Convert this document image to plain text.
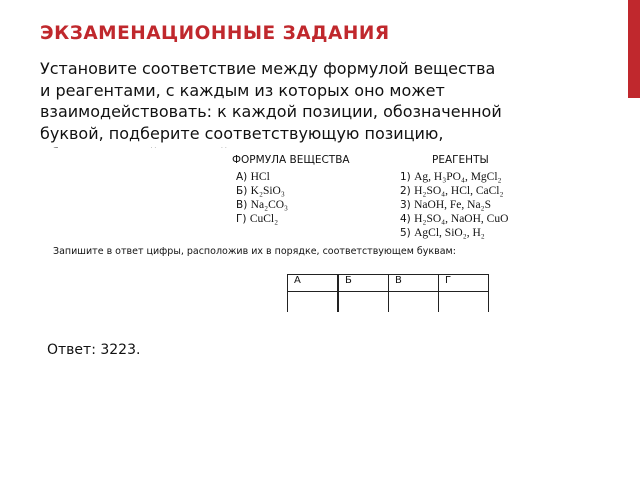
ЭКЗАМЕНАЦИОННЫЕ ЗАДАНИЯ

Установите соответствие между формулой вещества

и реагентами, с каждым из которых оно может

взаимодействовать: к каждой позиции, обозначенной

буквой, подберите соответствующую позицию,

ФОРМУЛА ВЕЩЕСТВА	РЕАГЕНТЫ
А) HCl
Б) K₂SiO₃
В) Na₂CO₃
Г) CuCl₂
1) Ag, H₃PO₄, MgCl₂
2) H₂SO₄, HCl, CaCl₂
3) NaOH, Fe, Na₂S
4) H₂SO₄, NaOH, CuO
5) AgCl, SiO₂, H₂
Запишите в ответ цифры, расположив их в порядке, соответствующем буквам:
А	Б	В	Г

Ответ: 3223.
